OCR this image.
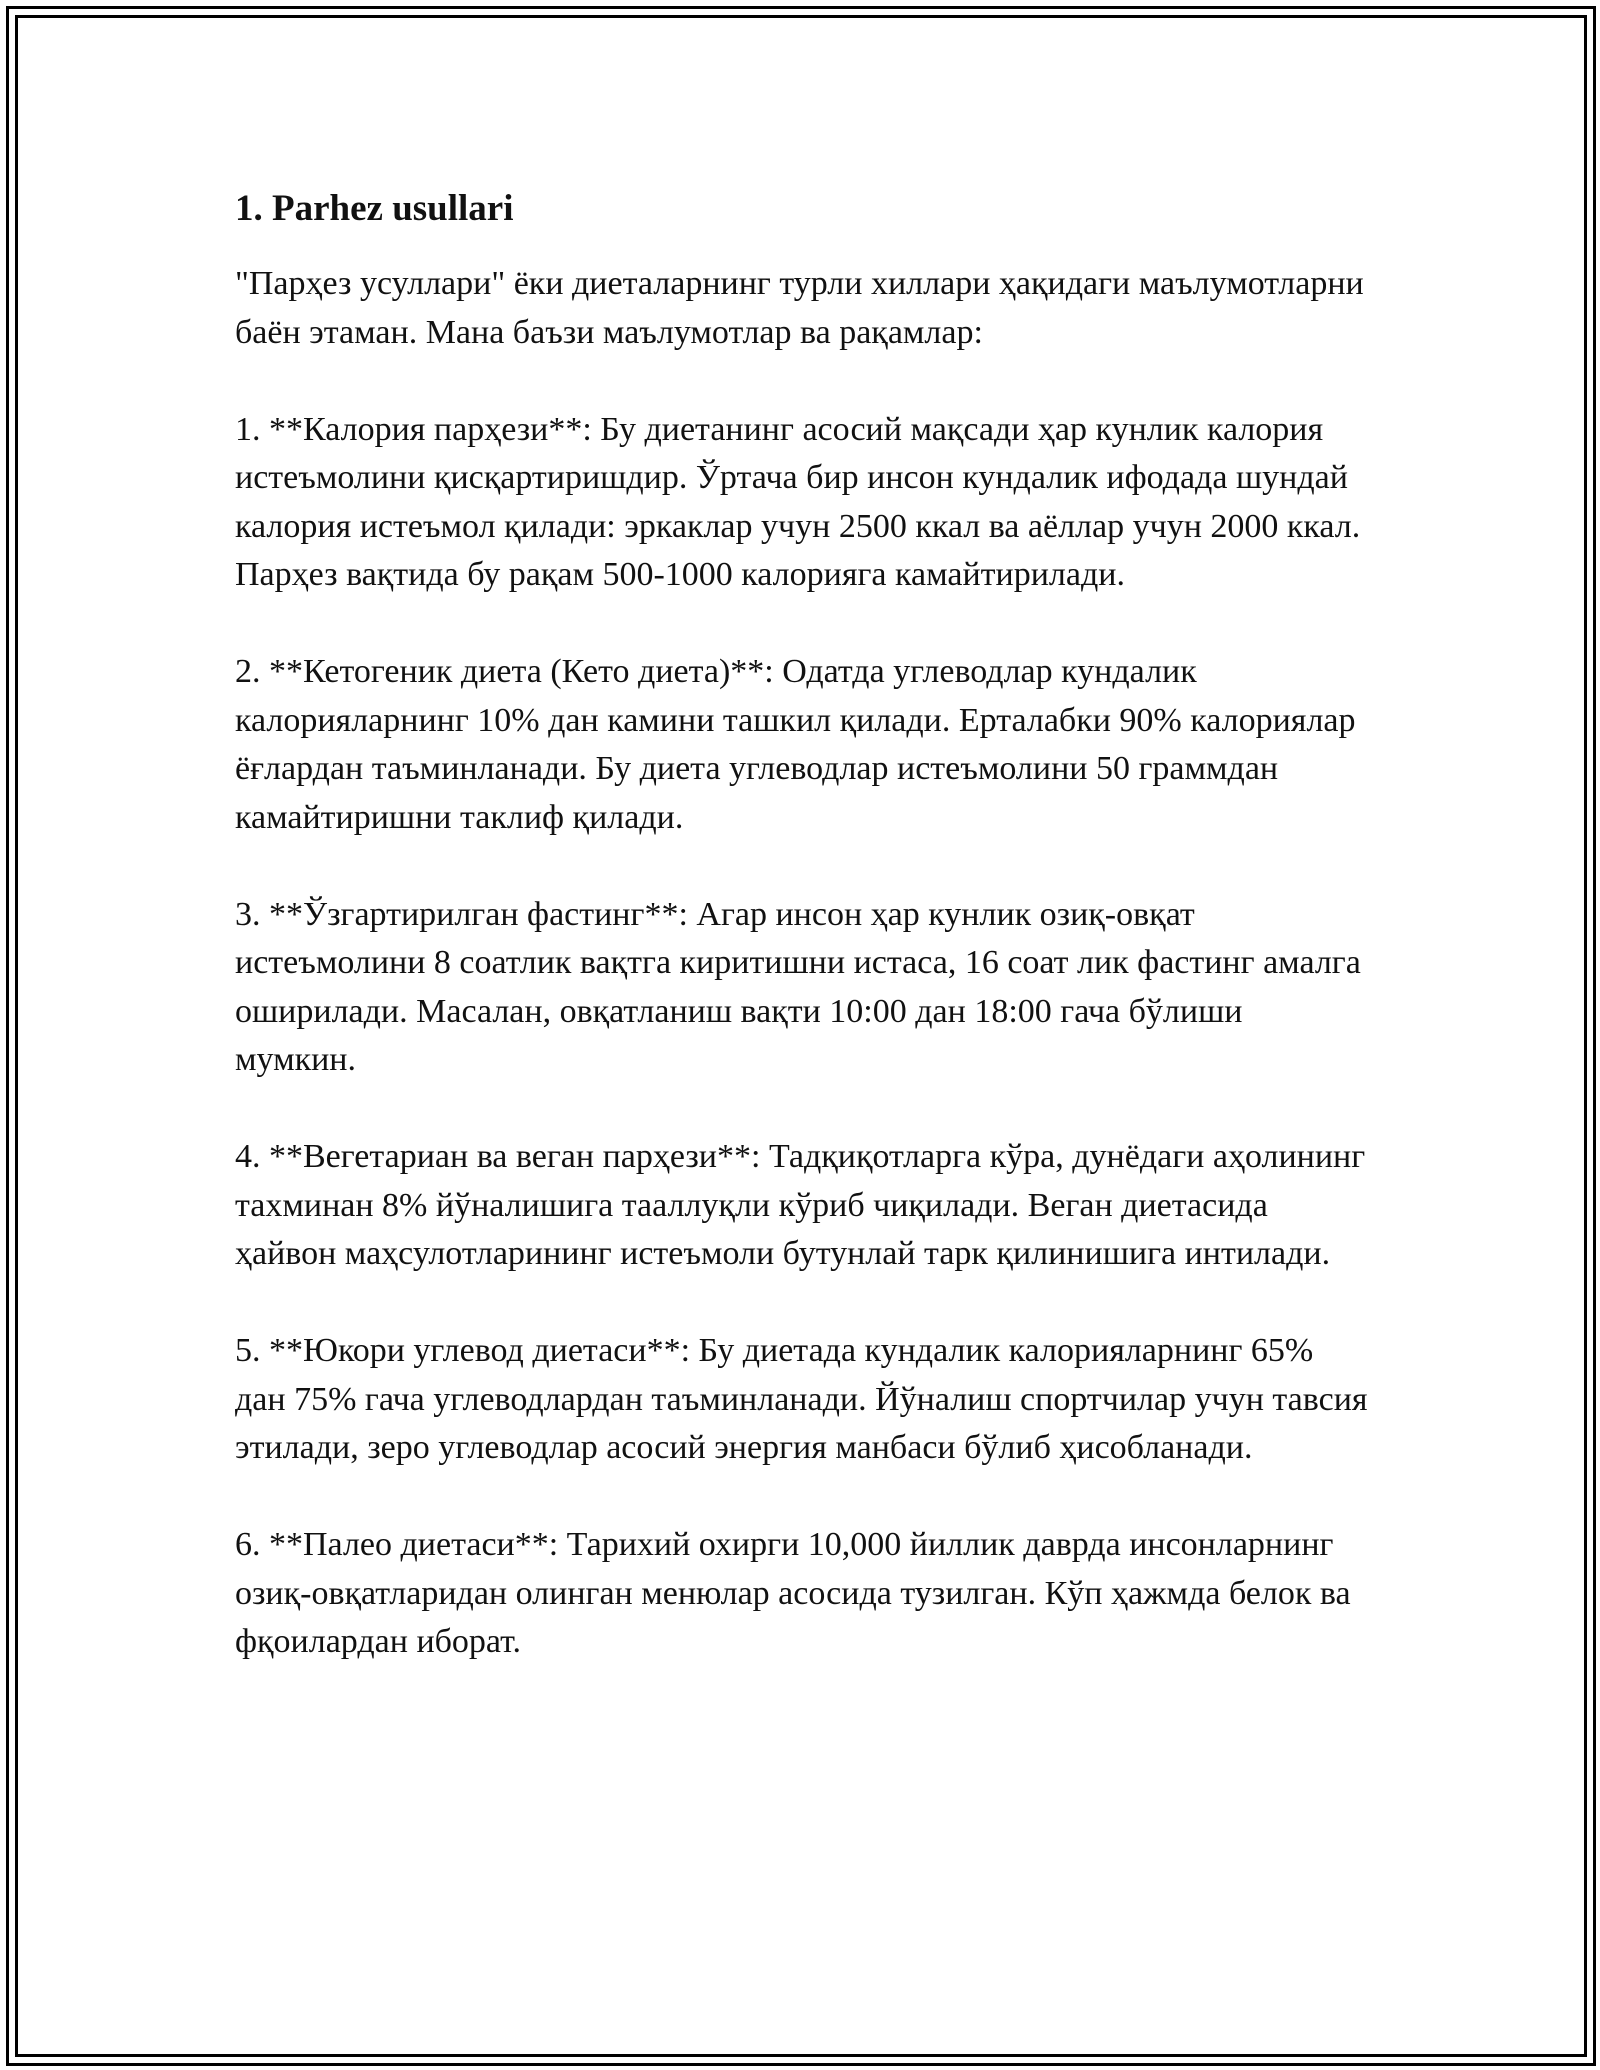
1. Parhez usullari

"Парҳез усуллари" ёки диеталарнинг турли хиллари ҳақидаги маълумотларни баён этаман. Мана баъзи маълумотлар ва рақамлар:

1. **Калория парҳези**: Бу диетанинг асосий мақсади ҳар кунлик калория истеъмолини қисқартиришдир. Ўртача бир инсон кундалик ифодада шундай калория истеъмол қилади: эркаклар учун 2500 ккал ва аёллар учун 2000 ккал. Парҳез вақтида бу рақам 500-1000 калорияга камайтирилади.

2. **Кетогеник диета (Кето диета)**: Одатда углеводлар кундалик калорияларнинг 10% дан камини ташкил қилади. Ерталабки 90% калориялар ёғлардан таъминланади. Бу диета углеводлар истеъмолини 50 граммдан камайтиришни таклиф қилади.

3. **Ўзгартирилган фастинг**: Агар инсон ҳар кунлик озиқ-овқат истеъмолини 8 соатлик вақтга киритишни истаса, 16 соат лик фастинг амалга оширилади. Масалан, овқатланиш вақти 10:00 дан 18:00 гача бўлиши мумкин.

4. **Вегетариан ва веган парҳези**: Тадқиқотларга кўра, дунёдаги аҳолининг тахминан 8% йўналишига тааллуқли кўриб чиқилади. Веган диетасида ҳайвон маҳсулотларининг истеъмоли бутунлай тарк қилинишига интилади.

5. **Юкори углевод диетаси**: Бу диетада кундалик калорияларнинг 65% дан 75% гача углеводлардан таъминланади. Йўналиш спортчилар учун тавсия этилади, зеро углеводлар асосий энергия манбаси бўлиб ҳисобланади.

6. **Палео диетаси**: Тарихий охирги 10,000 йиллик даврда инсонларнинг озиқ-овқатларидан олинган менюлар асосида тузилган. Кўп ҳажмда белок ва фқоилардан иборат.
